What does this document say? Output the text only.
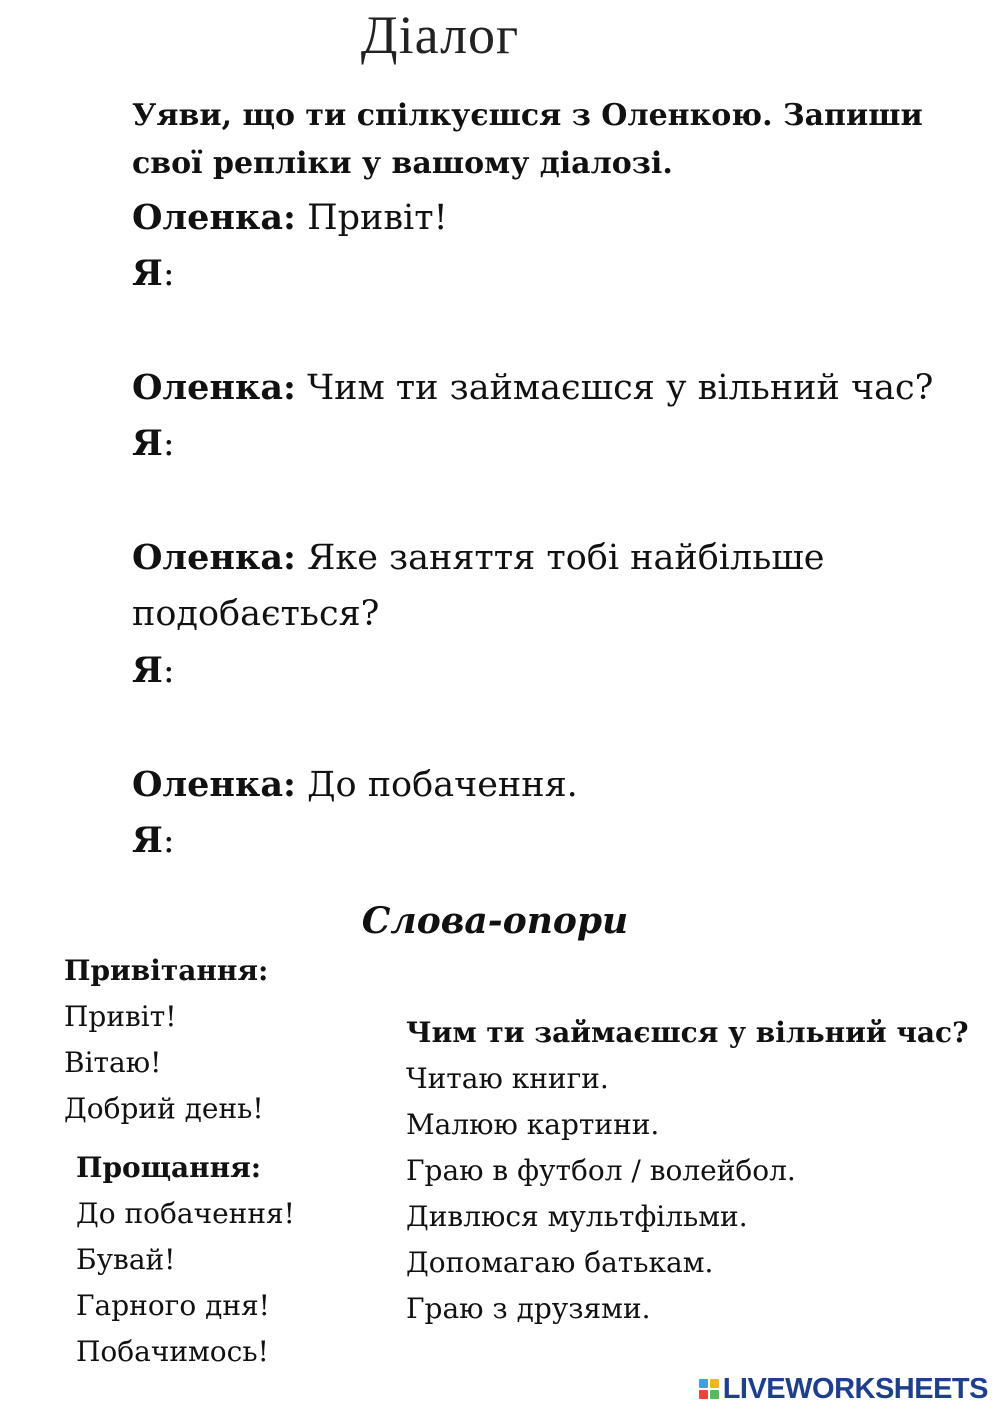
Діалог
Уяви, що ти спілкуєшся з Оленкою. Запиши свої репліки у вашому діалозі.
Оленка: Привіт!
Я:
Оленка: Чим ти займаєшся у вільний час?
Я:
Оленка: Яке заняття тобі найбільше подобається?
Я:
Оленка: До побачення.
Я:
Слова-опори
Привітання:
Привіт!
Вітаю!
Добрий день!
Прощання:
До побачення!
Бувай!
Гарного дня!
Побачимось!
Чим ти займаєшся у вільний час?
Читаю книги.
Малюю картини.
Граю в футбол / волейбол.
Дивлюся мультфільми.
Допомагаю батькам.
Граю з друзями.
LIVEWORKSHEETS
